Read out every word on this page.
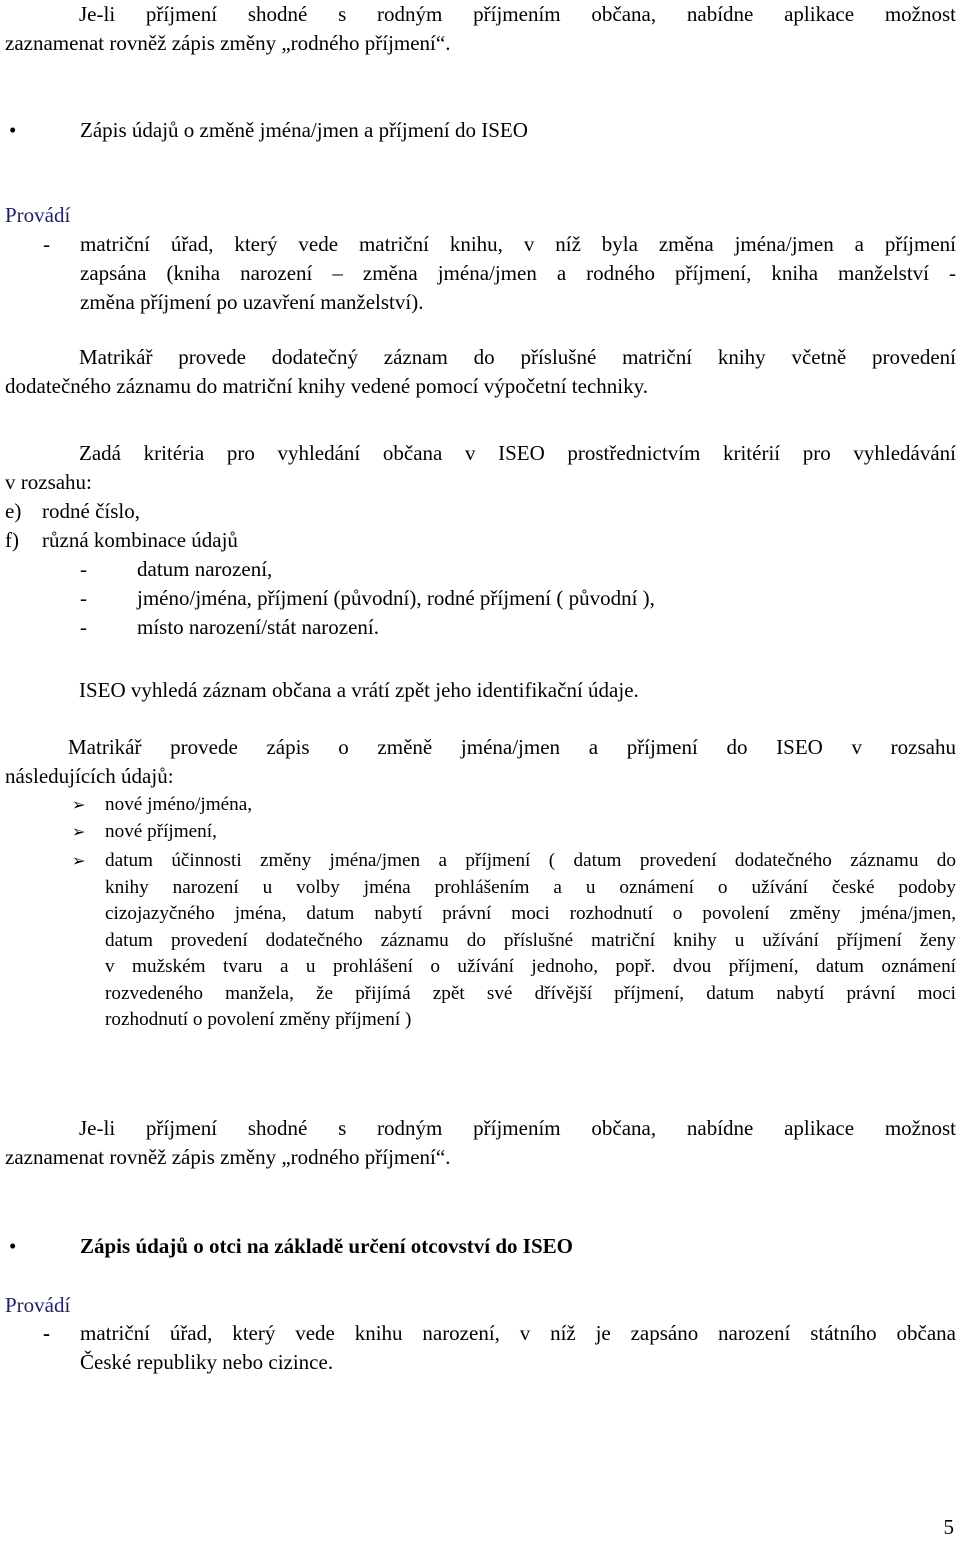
Je-li příjmení shodné s rodným příjmením občana, nabídne aplikace možnost

zaznamenat rovněž zápis změny „rodného příjmení“.

•	Zápis údajů o změně jména/jmen a příjmení do ISEO
Provádí
- matriční úřad, který vede matriční knihu, v níž byla změna jména/jmen a příjmení

zapsána (kniha narození – změna jména/jmen a rodného příjmení, kniha manželství -

změna příjmení po uzavření manželství).

Matrikář provede dodatečný záznam do příslušné matriční knihy včetně provedení

dodatečného záznamu do matriční knihy vedené pomocí výpočetní techniky.

Zadá kritéria pro vyhledání občana v ISEO prostřednictvím kritérií pro vyhledávání

v rozsahu:

e) rodné číslo,
f) různá kombinace údajů
- datum narození,
- jméno/jména, příjmení (původní), rodné příjmení ( původní ),
- místo narození/stát narození.

ISEO vyhledá záznam občana a vrátí zpět jeho identifikační údaje.

Matrikář provede zápis o změně jména/jmen a příjmení do ISEO v rozsahu

následujících údajů:

➢ nové jméno/jména,

➢ nové příjmení,

➢ datum účinnosti změny jména/jmen a příjmení ( datum provedení dodatečného záznamu do

knihy narození u volby jména prohlášením a u oznámení o užívání české podoby

cizojazyčného jména, datum nabytí právní moci rozhodnutí o povolení změny jména/jmen,

datum provedení dodatečného záznamu do příslušné matriční knihy u užívání příjmení ženy

v mužském tvaru a u prohlášení o užívání jednoho, popř. dvou příjmení, datum oznámení

rozvedeného manžela, že přijímá zpět své dřívější příjmení, datum nabytí právní moci

rozhodnutí o povolení změny příjmení )

Je-li příjmení shodné s rodným příjmením občana, nabídne aplikace možnost

zaznamenat rovněž zápis změny „rodného příjmení“.

•	Zápis údajů o otci na základě určení otcovství do ISEO
Provádí
- matriční úřad, který vede knihu narození, v níž je zapsáno narození státního občana

České republiky nebo cizince.

5
